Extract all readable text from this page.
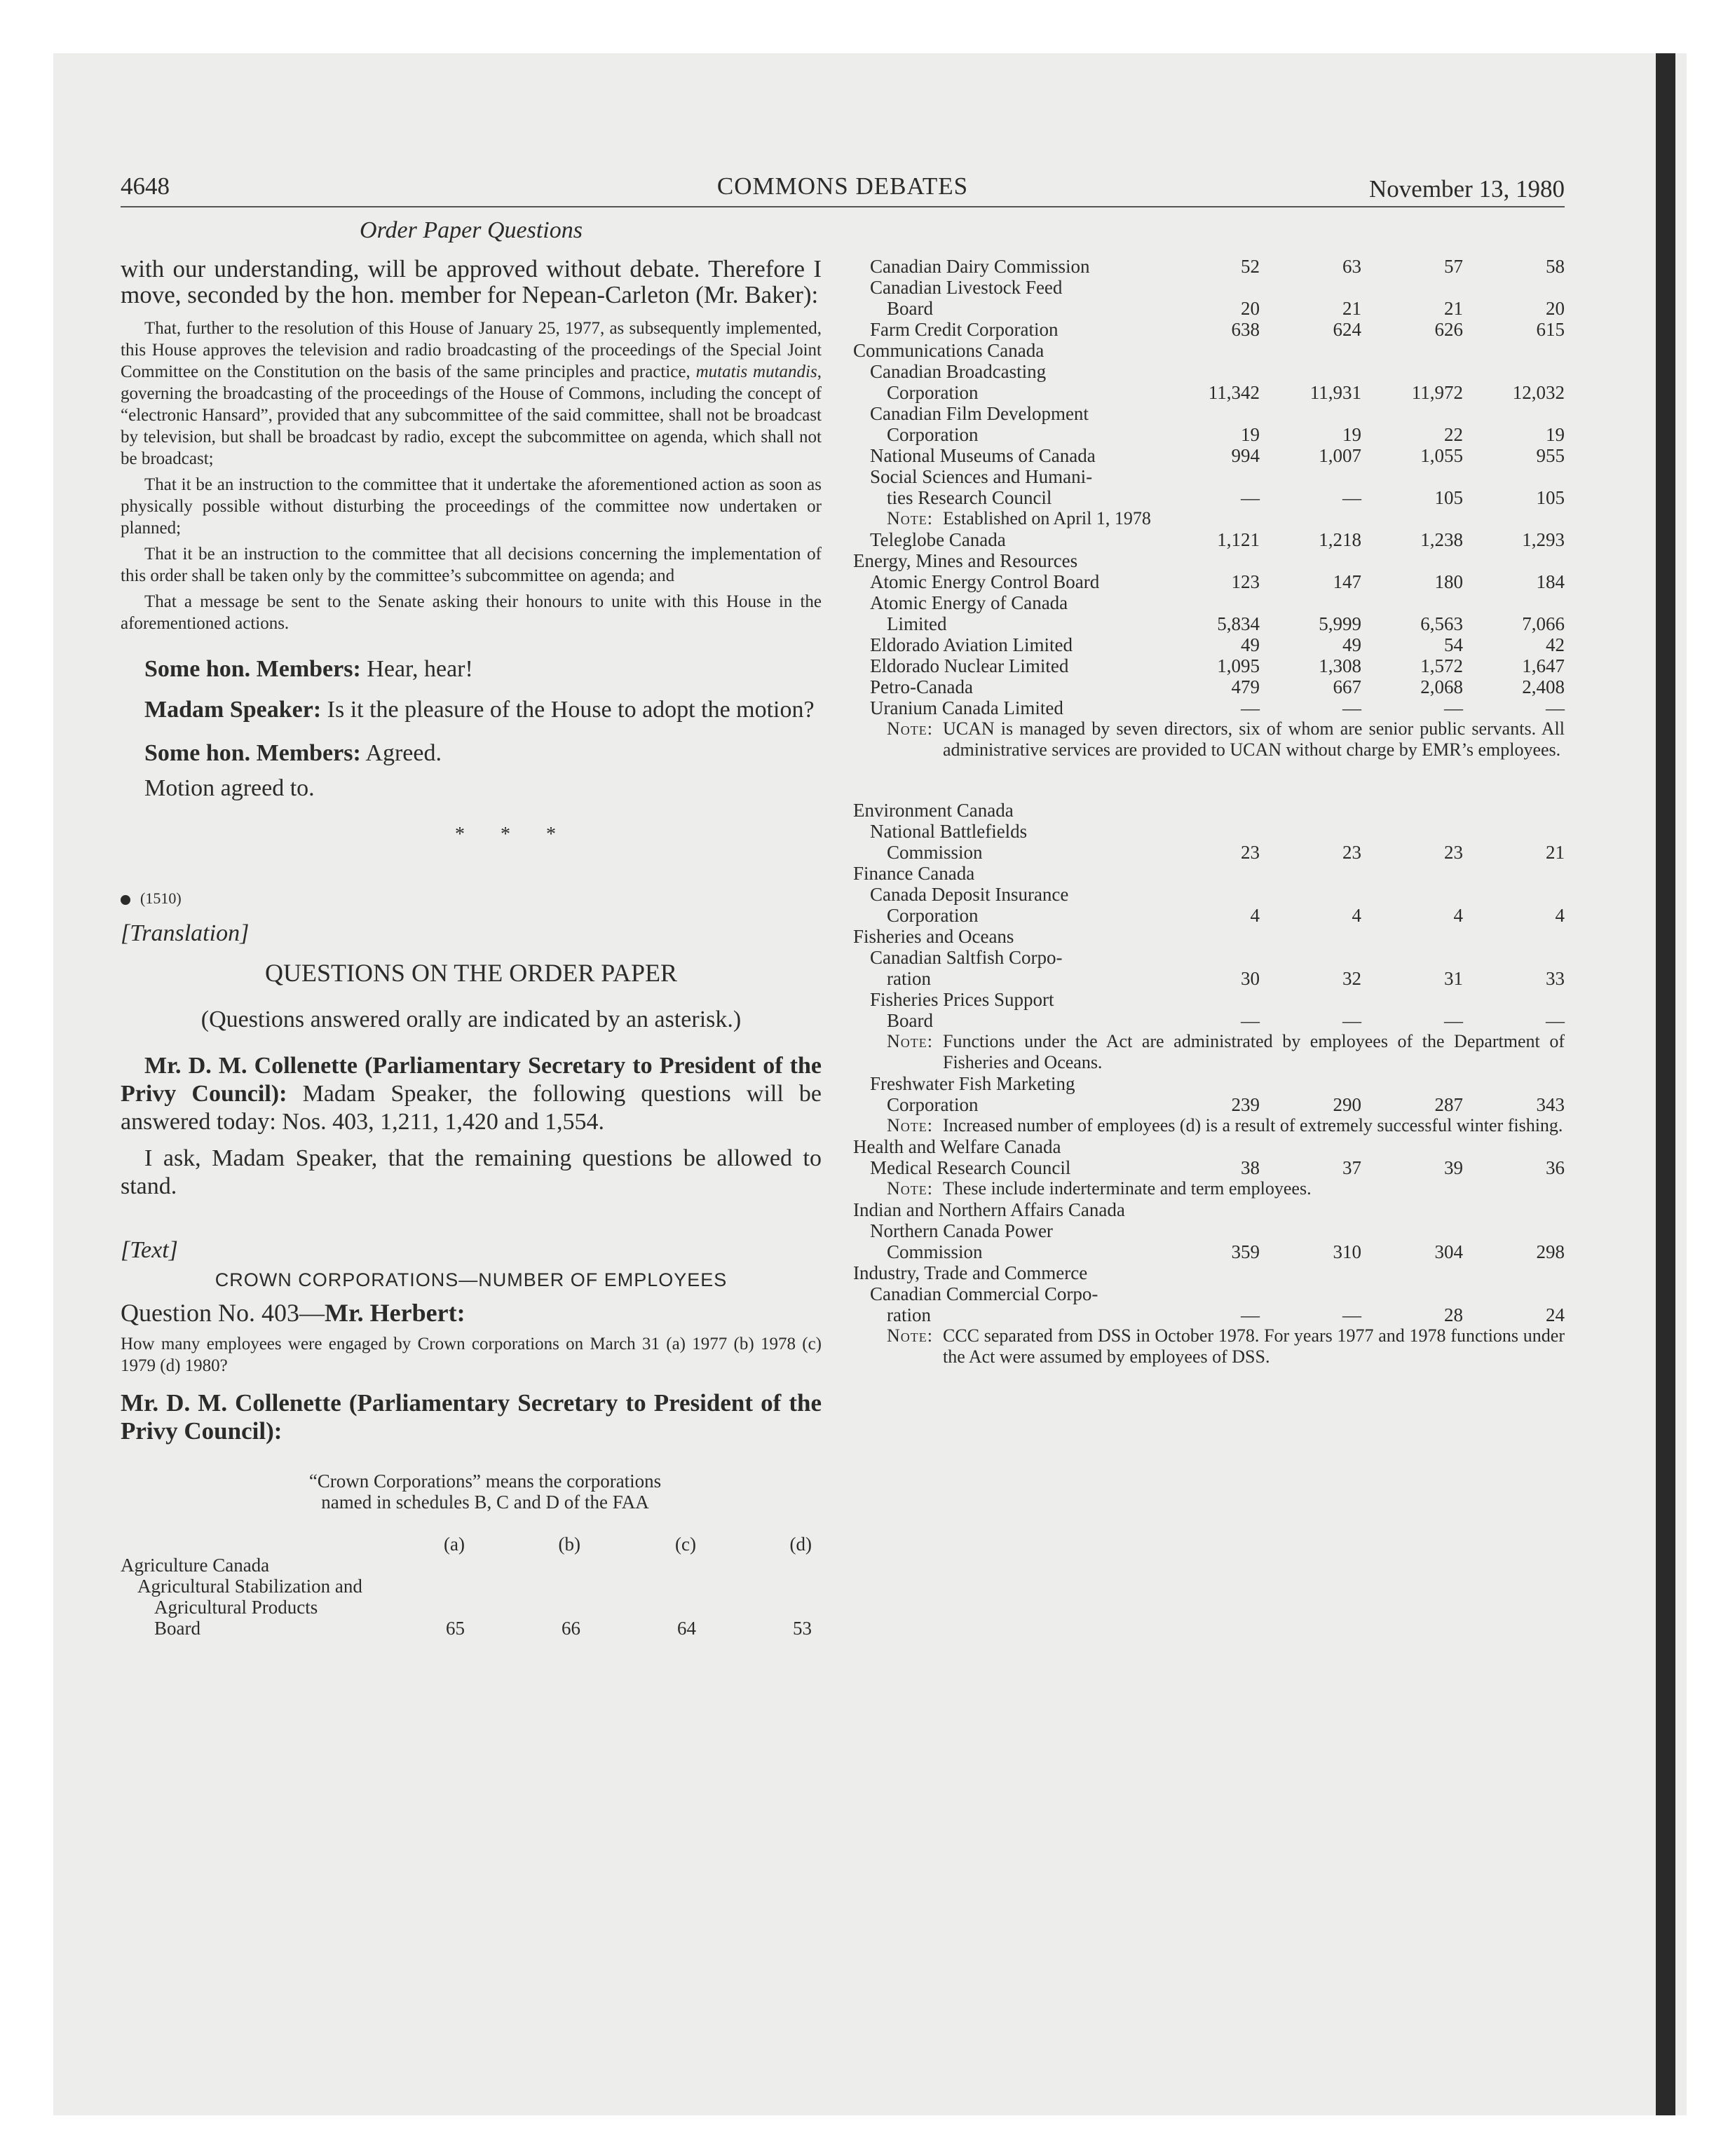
4648	COMMONS DEBATES	November 13, 1980
Order Paper Questions

with our understanding, will be approved without debate. Therefore I move, seconded by the hon. member for Nepean-Carleton (Mr. Baker):

That, further to the resolution of this House of January 25, 1977, as subsequently implemented, this House approves the television and radio broadcasting of the proceedings of the Special Joint Committee on the Constitution on the basis of the same principles and practice, mutatis mutandis, governing the broadcasting of the proceedings of the House of Commons, including the concept of “electronic Hansard”, provided that any subcommittee of the said committee, shall not be broadcast by television, but shall be broadcast by radio, except the subcommittee on agenda, which shall not be broadcast;

That it be an instruction to the committee that it undertake the aforementioned action as soon as physically possible without disturbing the proceedings of the committee now undertaken or planned;

That it be an instruction to the committee that all decisions concerning the implementation of this order shall be taken only by the committee’s subcommittee on agenda; and

That a message be sent to the Senate asking their honours to unite with this House in the aforementioned actions.

Some hon. Members: Hear, hear!

Madam Speaker: Is it the pleasure of the House to adopt the motion?

Some hon. Members: Agreed.

Motion agreed to.

* * *
(1510)
[Translation]

QUESTIONS ON THE ORDER PAPER

(Questions answered orally are indicated by an asterisk.)

Mr. D. M. Collenette (Parliamentary Secretary to President of the Privy Council): Madam Speaker, the following questions will be answered today: Nos. 403, 1,211, 1,420 and 1,554.

I ask, Madam Speaker, that the remaining questions be allowed to stand.

[Text]
CROWN CORPORATIONS—NUMBER OF EMPLOYEES
Question No. 403—Mr. Herbert:

How many employees were engaged by Crown corporations on March 31 (a) 1977 (b) 1978 (c) 1979 (d) 1980?

Mr. D. M. Collenette (Parliamentary Secretary to President of the Privy Council):

“Crown Corporations” means the corporations
named in schedules B, C and D of the FAA
	(a)	(b)	(c)	(d)
Agriculture Canada				

Agricultural Stabilization and
Agricultural Products
Board	65	66	64	53
Canadian Dairy Commission	52	63	57	58

Canadian Livestock Feed
Board	20	21	21	20

Farm Credit Corporation	638	624	626	615
Communications Canada				

Canadian Broadcasting
Corporation	11,342	11,931	11,972	12,032

Canadian Film Development
Corporation	19	19	22	19

National Museums of Canada	994	1,007	1,055	955

Social Sciences and Humani-
ties Research Council	—	—	105	105

Note: Established on April 1, 1978				

Teleglobe Canada	1,121	1,218	1,238	1,293
Energy, Mines and Resources				

Atomic Energy Control Board	123	147	180	184

Atomic Energy of Canada
Limited	5,834	5,999	6,563	7,066

Eldorado Aviation Limited	49	49	54	42

Eldorado Nuclear Limited	1,095	1,308	1,572	1,647

Petro-Canada	479	667	2,068	2,408

Uranium Canada Limited	—	—	—	—

Note: UCAN is managed by seven directors, six of whom are senior public servants. All administrative services are provided to UCAN without charge by EMR’s employees.				

Environment Canada				

National Battlefields
Commission	23	23	23	21
Finance Canada				

Canada Deposit Insurance
Corporation	4	4	4	4
Fisheries and Oceans				

Canadian Saltfish Corpo-
ration	30	32	31	33

Fisheries Prices Support
Board	—	—	—	—

Note: Functions under the Act are administrated by employees of the Department of Fisheries and Oceans.				

Freshwater Fish Marketing
Corporation	239	290	287	343

Note: Increased number of employees (d) is a result of extremely successful winter fishing.				

Health and Welfare Canada				

Medical Research Council	38	37	39	36

Note: These include inderterminate and term employees.				

Indian and Northern Affairs Canada				

Northern Canada Power
Commission	359	310	304	298
Industry, Trade and Commerce				

Canadian Commercial Corpo-
ration	—	—	28	24

Note: CCC separated from DSS in October 1978. For years 1977 and 1978 functions under the Act were assumed by employees of DSS.				
